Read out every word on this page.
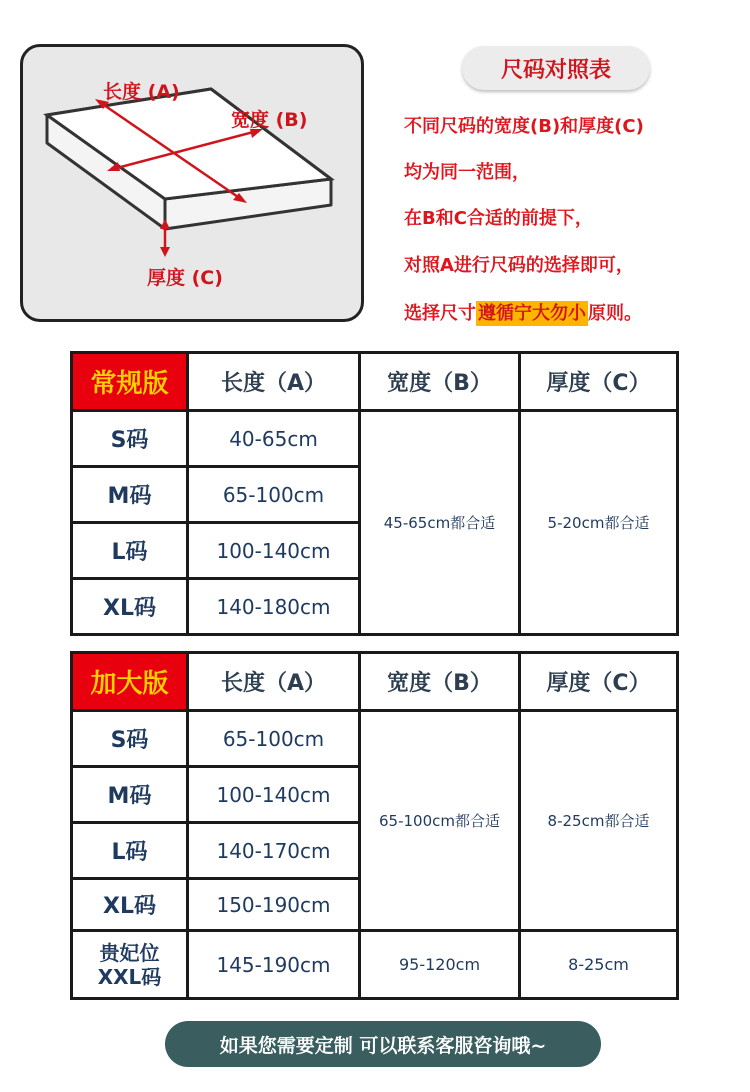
长度 (A)
宽度 (B)
厚度 (C)
尺码对照表
不同尺码的宽度(B)和厚度(C)
均为同一范围，
在B和C合适的前提下，
对照A进行尺码的选择即可，
选择尺寸 遵循宁大勿小 原则。
常规版	长度（A）	宽度（B）	厚度（C）
S码	40-65cm	45-65cm都合适	5-20cm都合适
M码	65-100cm		
L码	100-140cm		
XL码	140-180cm		
加大版	长度（A）	宽度（B）	厚度（C）
S码	65-100cm	65-100cm都合适	8-25cm都合适
M码	100-140cm		
L码	140-170cm		
XL码	150-190cm		

贵妃位
XXL码	145-190cm	95-120cm	8-25cm
如果您需要定制 可以联系客服咨询哦~
